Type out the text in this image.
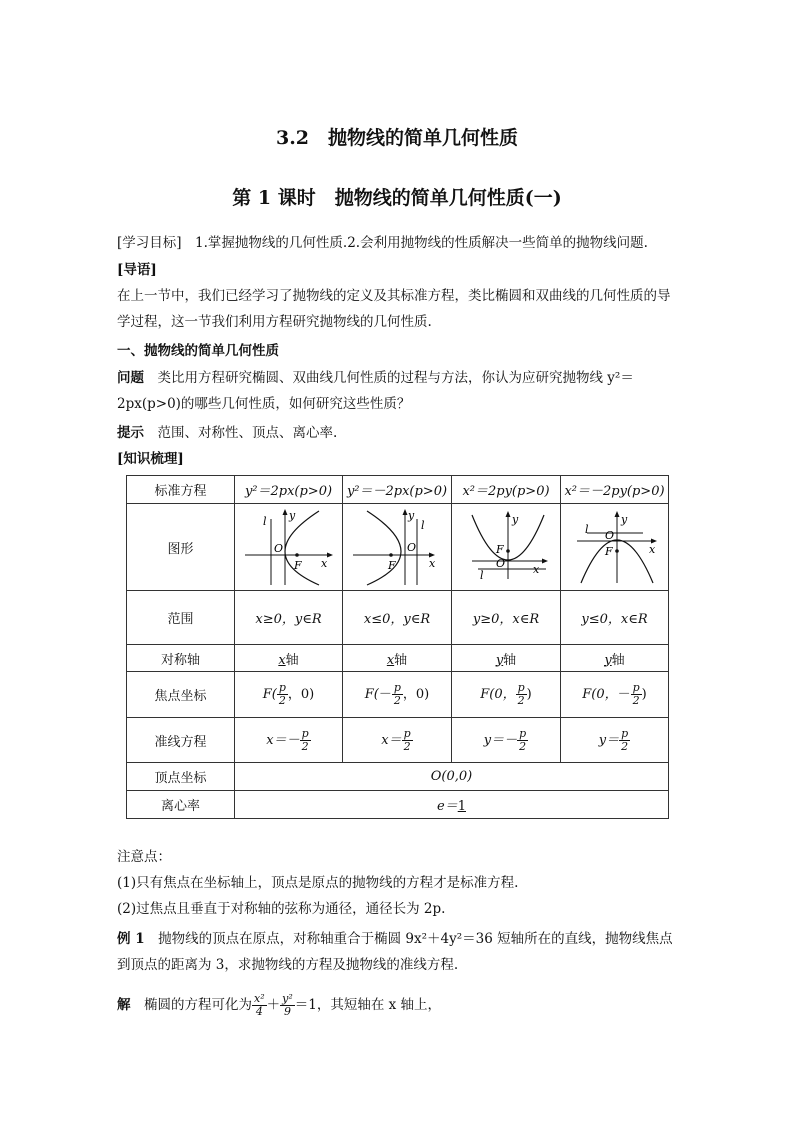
3.2　抛物线的简单几何性质
第 1 课时　抛物线的简单几何性质(一)
[学习目标]　1.掌握抛物线的几何性质.2.会利用抛物线的性质解决一些简单的抛物线问题.
[导语]
在上一节中，我们已经学习了抛物线的定义及其标准方程，类比椭圆和双曲线的几何性质的导学过程，这一节我们利用方程研究抛物线的几何性质.
一、抛物线的简单几何性质
问题　 类比用方程研究椭圆、双曲线几何性质的过程与方法，你认为应研究抛物线 y²＝2px(p>0)的哪些几何性质，如何研究这些性质？
提示　 范围、对称性、顶点、离心率.
[知识梳理]
标准方程	y²＝2px(p>0)	y²＝－2px(p>0)	x²＝2py(p>0)	x²＝－2py(p>0)
图形	l y
x
O
F	l
y
x
O
F	l
y
x
O
F	l
y
x
O
F

范围	x≥0，y∈R	x≤0，y∈R	y≥0，x∈R	y≤0，x∈R
对称轴	x轴	x轴	y轴	y轴
焦点坐标	$F( \frac{p}{2}$ ，0)	$F(- \frac{p}{2}$ ，0)	F(0， $\frac{p}{2}$ )	F(0，－ $\frac{p}{2}$ )
准线方程	$x=- \frac{p}{2}$	$x= \frac{p}{2}$	$y=- \frac{p}{2}$	$y= \frac{p}{2}$

顶点坐标	O(0,0)			
离心率	e＝1			
注意点：
(1)只有焦点在坐标轴上，顶点是原点的抛物线的方程才是标准方程.
(2)过焦点且垂直于对称轴的弦称为通径，通径长为 2p.
例 1　 抛物线的顶点在原点，对称轴重合于椭圆 9x²＋4y²＝36 短轴所在的直线，抛物线焦点到顶点的距离为 3，求抛物线的方程及抛物线的准线方程.
解　 椭圆的方程可化为 $\frac{\text{x²}}{4} + \frac{\text{y²}}{9} =1$，其短轴在 x 轴上，
